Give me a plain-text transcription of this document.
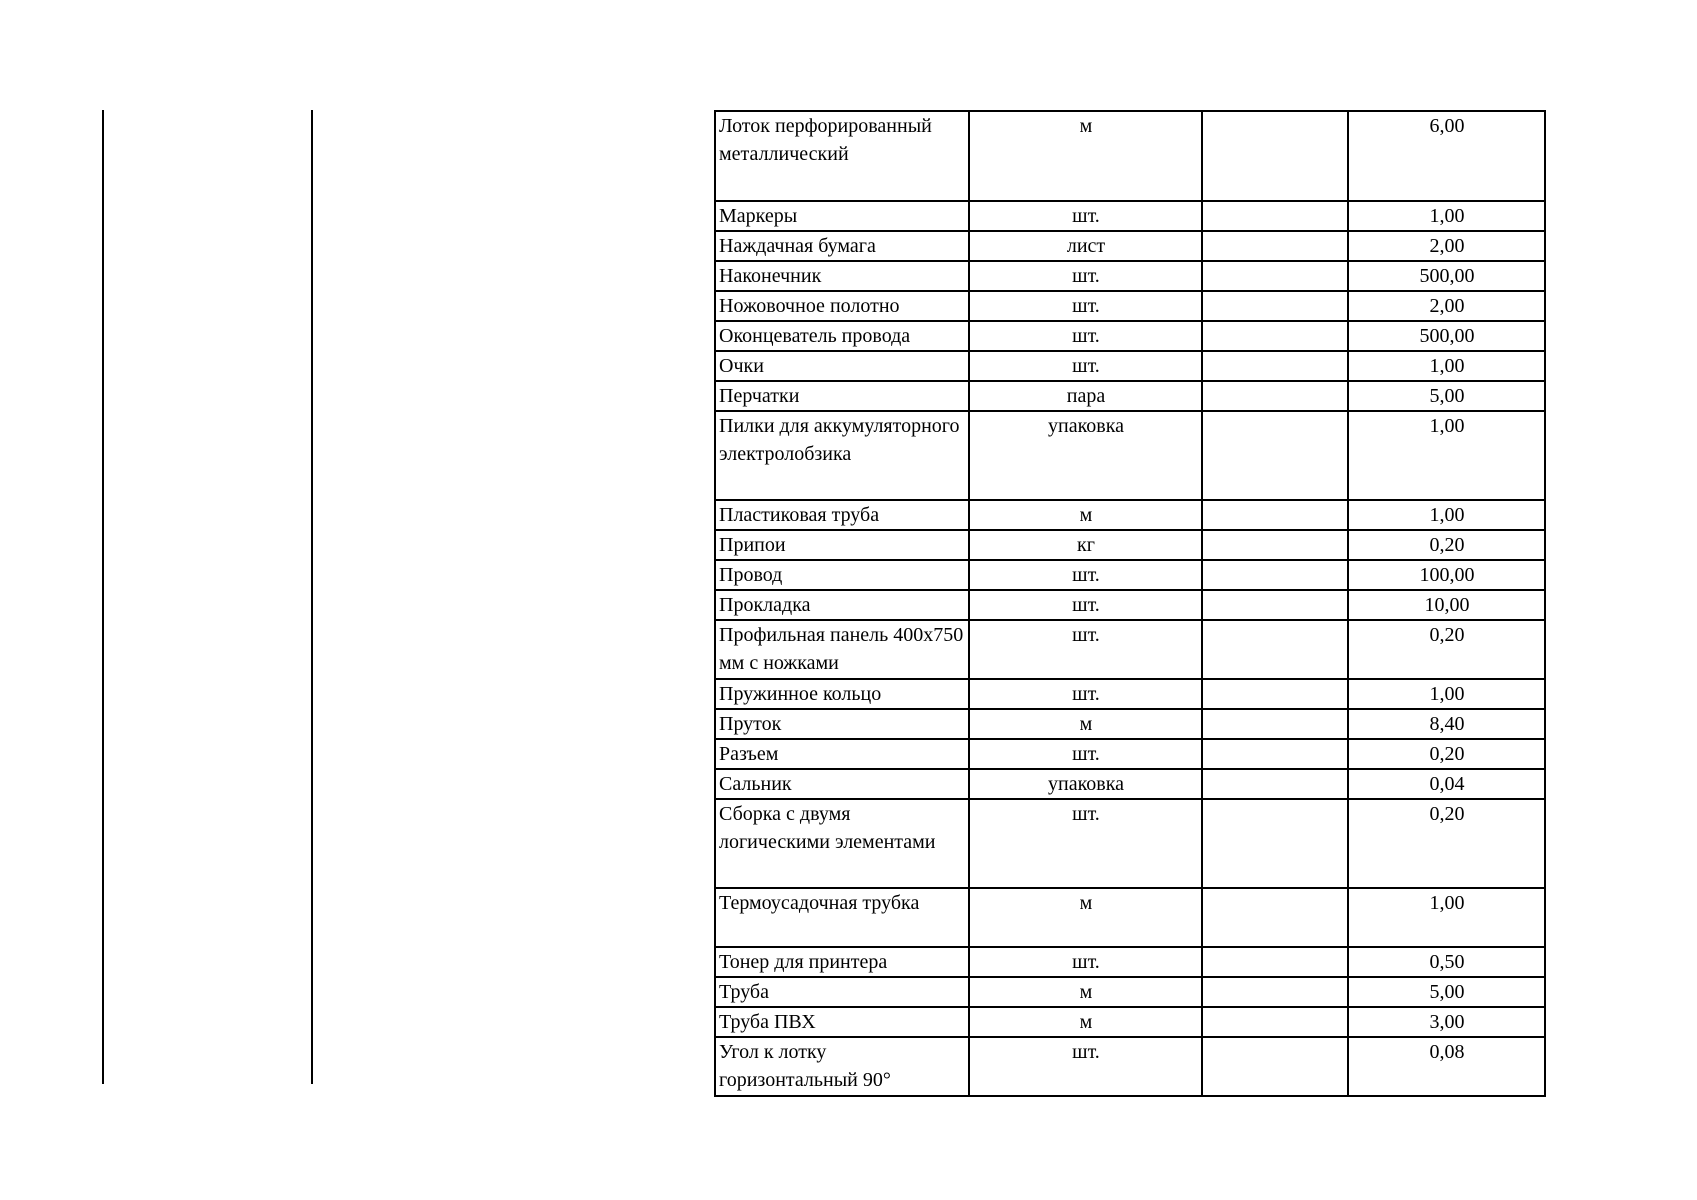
Лоток перфорированный металлический	м		6,00
Маркеры	шт.		1,00
Наждачная бумага	лист		2,00
Наконечник	шт.		500,00
Ножовочное полотно	шт.		2,00
Оконцеватель провода	шт.		500,00
Очки	шт.		1,00
Перчатки	пара		5,00
Пилки для аккумуляторного электролобзика	упаковка		1,00
Пластиковая труба	м		1,00
Припои	кг		0,20
Провод	шт.		100,00
Прокладка	шт.		10,00
Профильная панель 400x750 мм с ножками	шт.		0,20
Пружинное кольцо	шт.		1,00
Пруток	м		8,40
Разъем	шт.		0,20
Сальник	упаковка		0,04
Сборка с двумя логическими элементами	шт.		0,20
Термоусадочная трубка	м		1,00
Тонер для принтера	шт.		0,50
Труба	м		5,00
Труба ПВХ	м		3,00
Угол к лотку горизонтальный 90°	шт.		0,08
